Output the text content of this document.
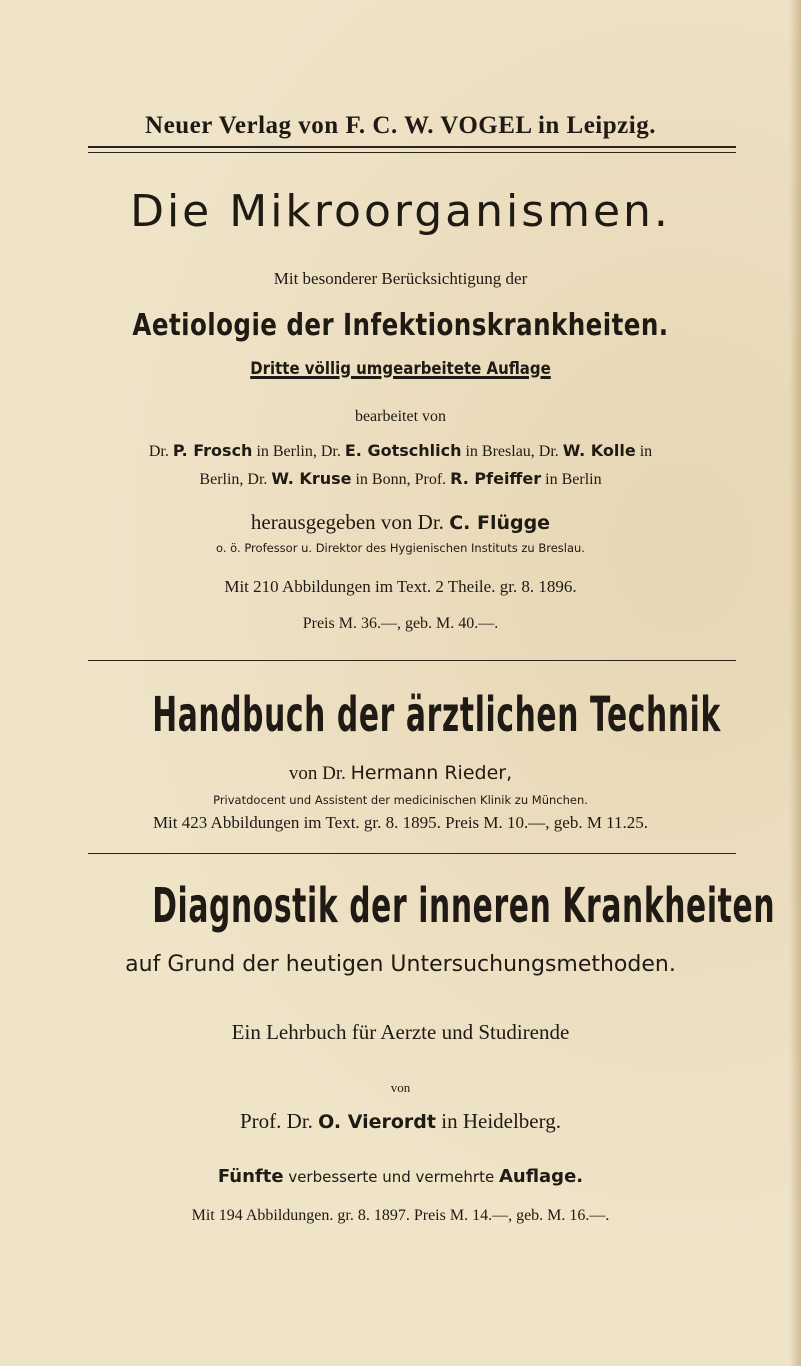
Neuer Verlag von F. C. W. VOGEL in Leipzig.
Die Mikroorganismen.
Mit besonderer Berücksichtigung der
Aetiologie der Infektionskrankheiten.
Dritte völlig umgearbeitete Auflage
bearbeitet von
Dr. P. Frosch in Berlin, Dr. E. Gotschlich in Breslau, Dr. W. Kolle in
Berlin, Dr. W. Kruse in Bonn, Prof. R. Pfeiffer in Berlin
herausgegeben von Dr. C. Flügge
o. ö. Professor u. Direktor des Hygienischen Instituts zu Breslau.
Mit 210 Abbildungen im Text. 2 Theile. gr. 8. 1896.
Preis M. 36.—, geb. M. 40.—.
Handbuch der ärztlichen Technik
von Dr. Hermann Rieder,
Privatdocent und Assistent der medicinischen Klinik zu München.
Mit 423 Abbildungen im Text. gr. 8. 1895. Preis M. 10.—, geb. M 11.25.
Diagnostik der inneren Krankheiten
auf Grund der heutigen Untersuchungsmethoden.
Ein Lehrbuch für Aerzte und Studirende
von
Prof. Dr. O. Vierordt in Heidelberg.
Fünfte verbesserte und vermehrte Auflage.
Mit 194 Abbildungen. gr. 8. 1897. Preis M. 14.—, geb. M. 16.—.
